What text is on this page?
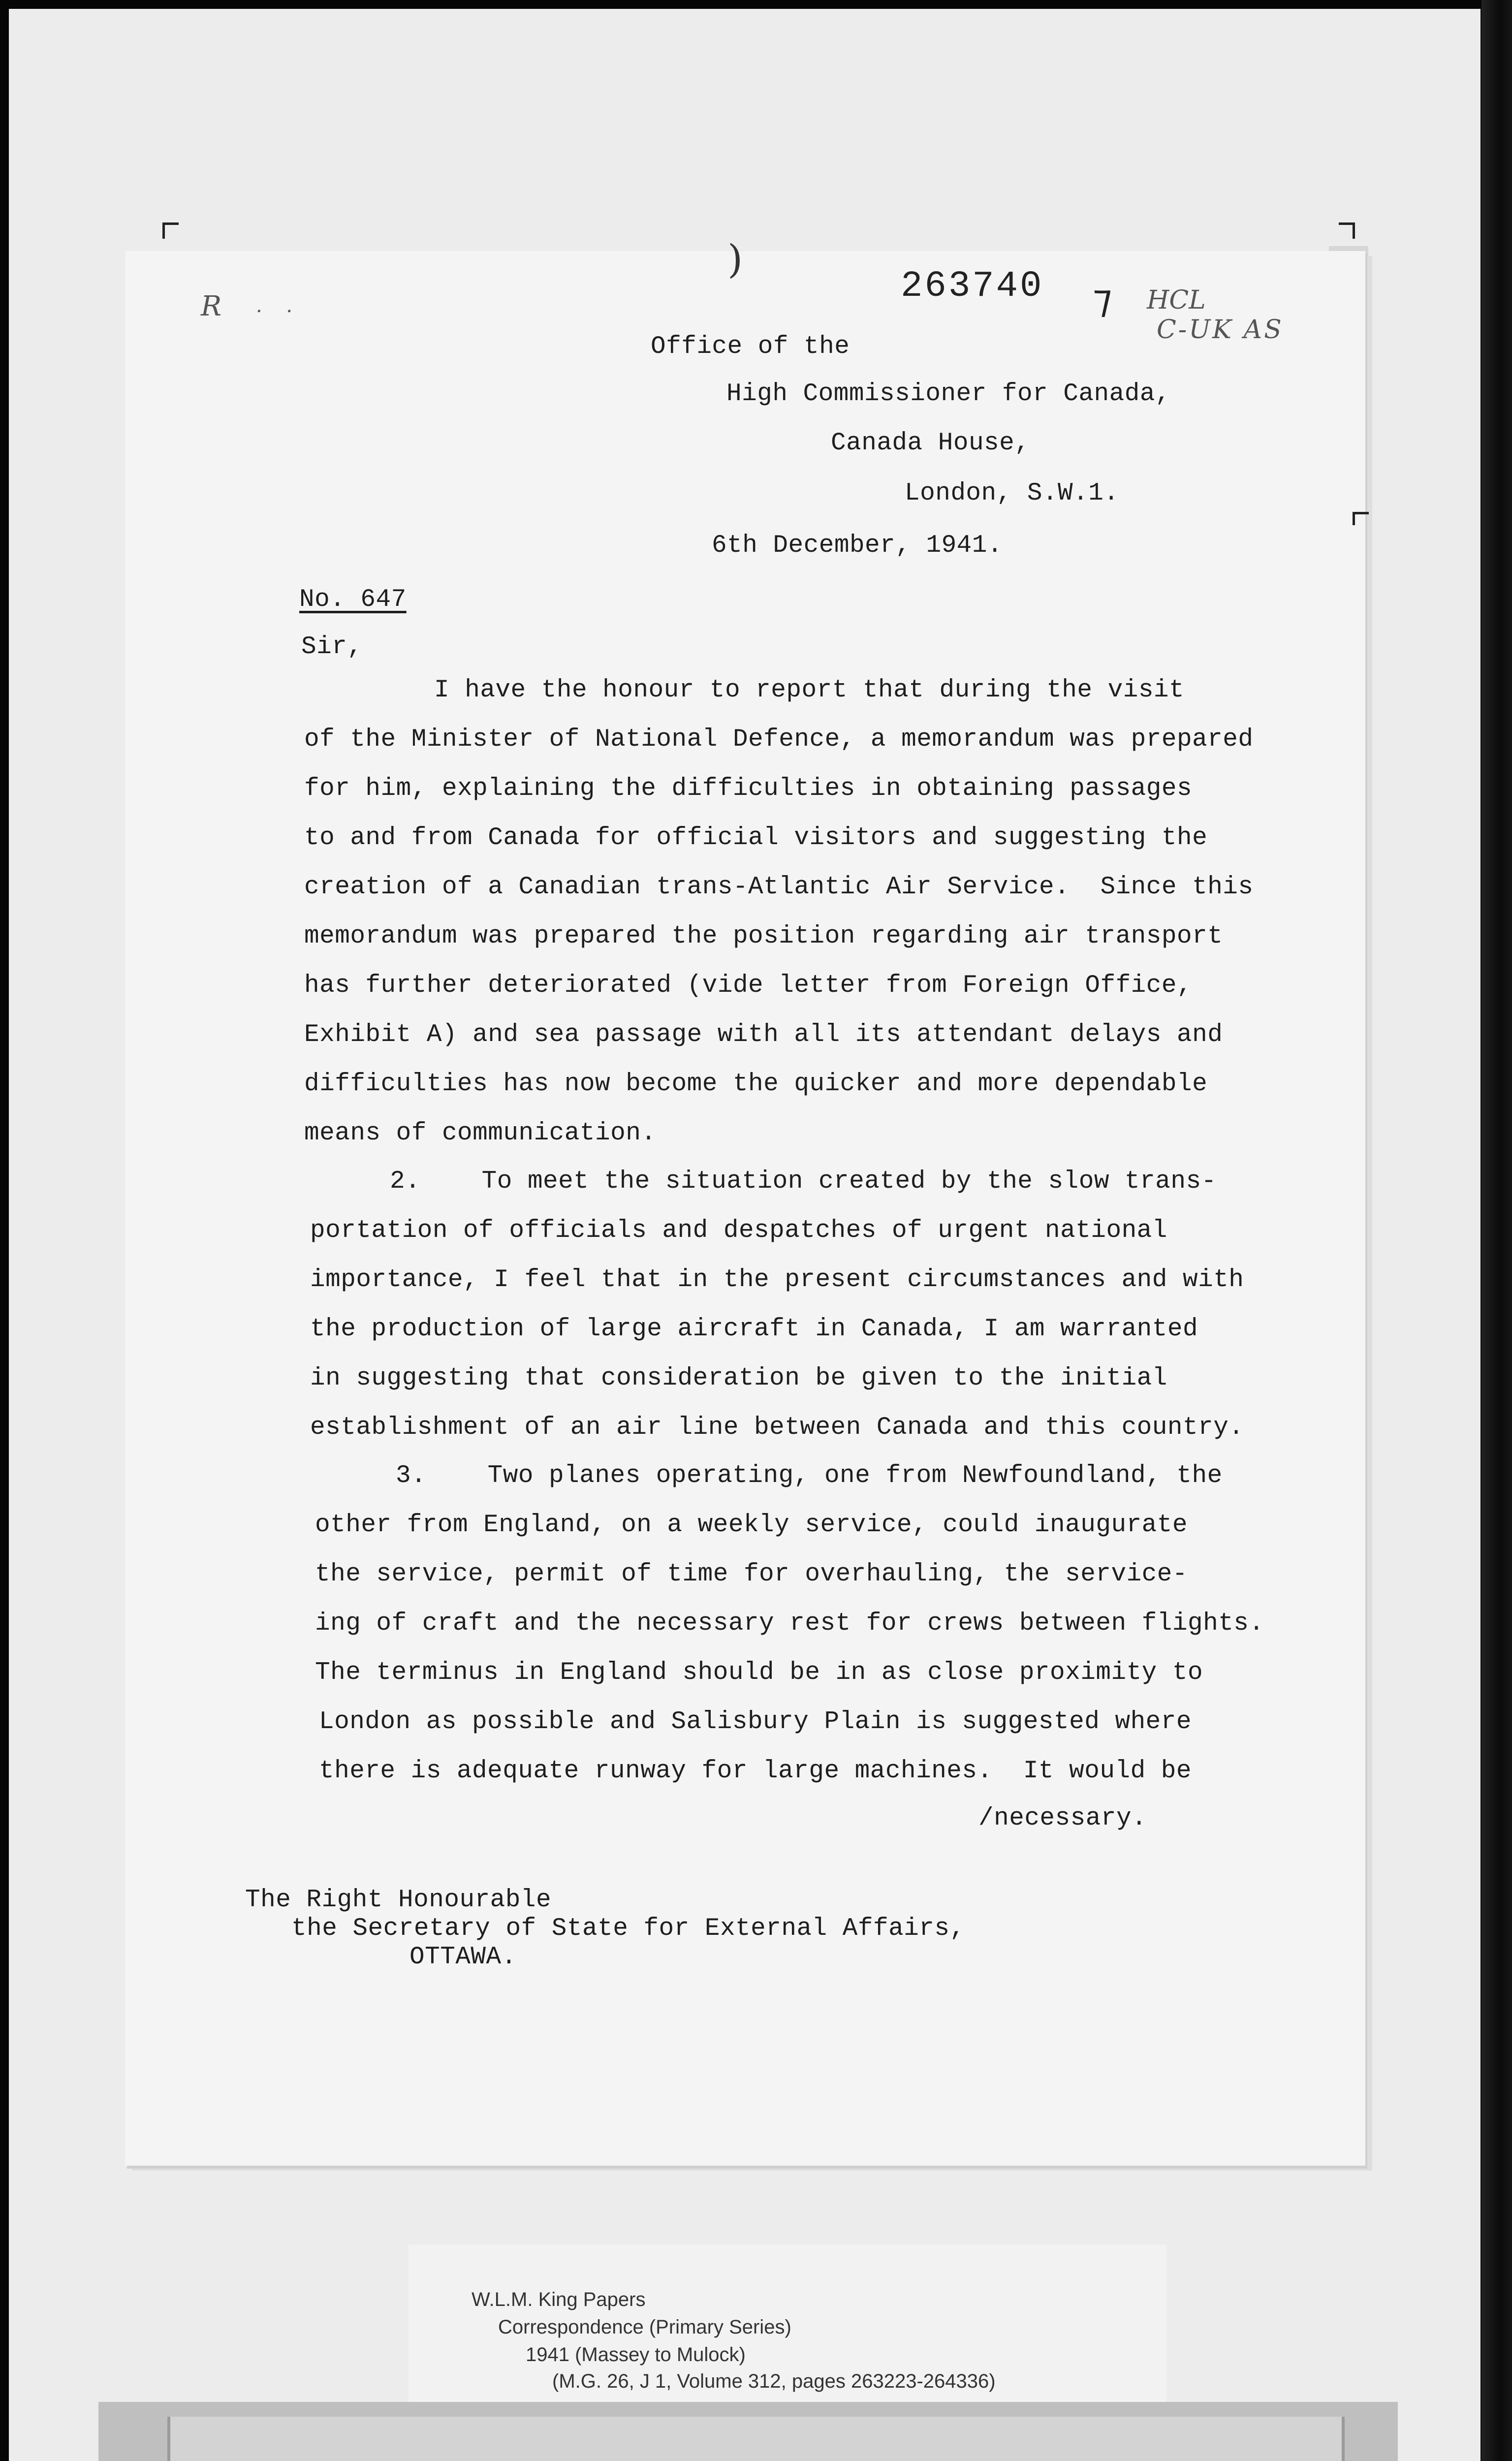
R · ·
)
⁊ HCL
C-UK AS
263740
Office of the
High Commissioner for Canada,
Canada House,
London, S.W.1.
6th December, 1941.
No. 647
Sir,
I have the honour to report that during the visit
of the Minister of National Defence, a memorandum was prepared
for him, explaining the difficulties in obtaining passages
to and from Canada for official visitors and suggesting the
creation of a Canadian trans-Atlantic Air Service.  Since this
memorandum was prepared the position regarding air transport
has further deteriorated (vide letter from Foreign Office,
Exhibit A) and sea passage with all its attendant delays and
difficulties has now become the quicker and more dependable
means of communication.
2.    To meet the situation created by the slow trans-
portation of officials and despatches of urgent national
importance, I feel that in the present circumstances and with
the production of large aircraft in Canada, I am warranted
in suggesting that consideration be given to the initial
establishment of an air line between Canada and this country.
3.    Two planes operating, one from Newfoundland, the
other from England, on a weekly service, could inaugurate
the service, permit of time for overhauling, the service-
ing of craft and the necessary rest for crews between flights.
The terminus in England should be in as close proximity to
London as possible and Salisbury Plain is suggested where
there is adequate runway for large machines.  It would be
/necessary.
The Right Honourable
the Secretary of State for External Affairs,
OTTAWA.
W.L.M. King Papers
Correspondence (Primary Series)
1941 (Massey to Mulock)
(M.G. 26, J 1, Volume 312, pages 263223-264336)
